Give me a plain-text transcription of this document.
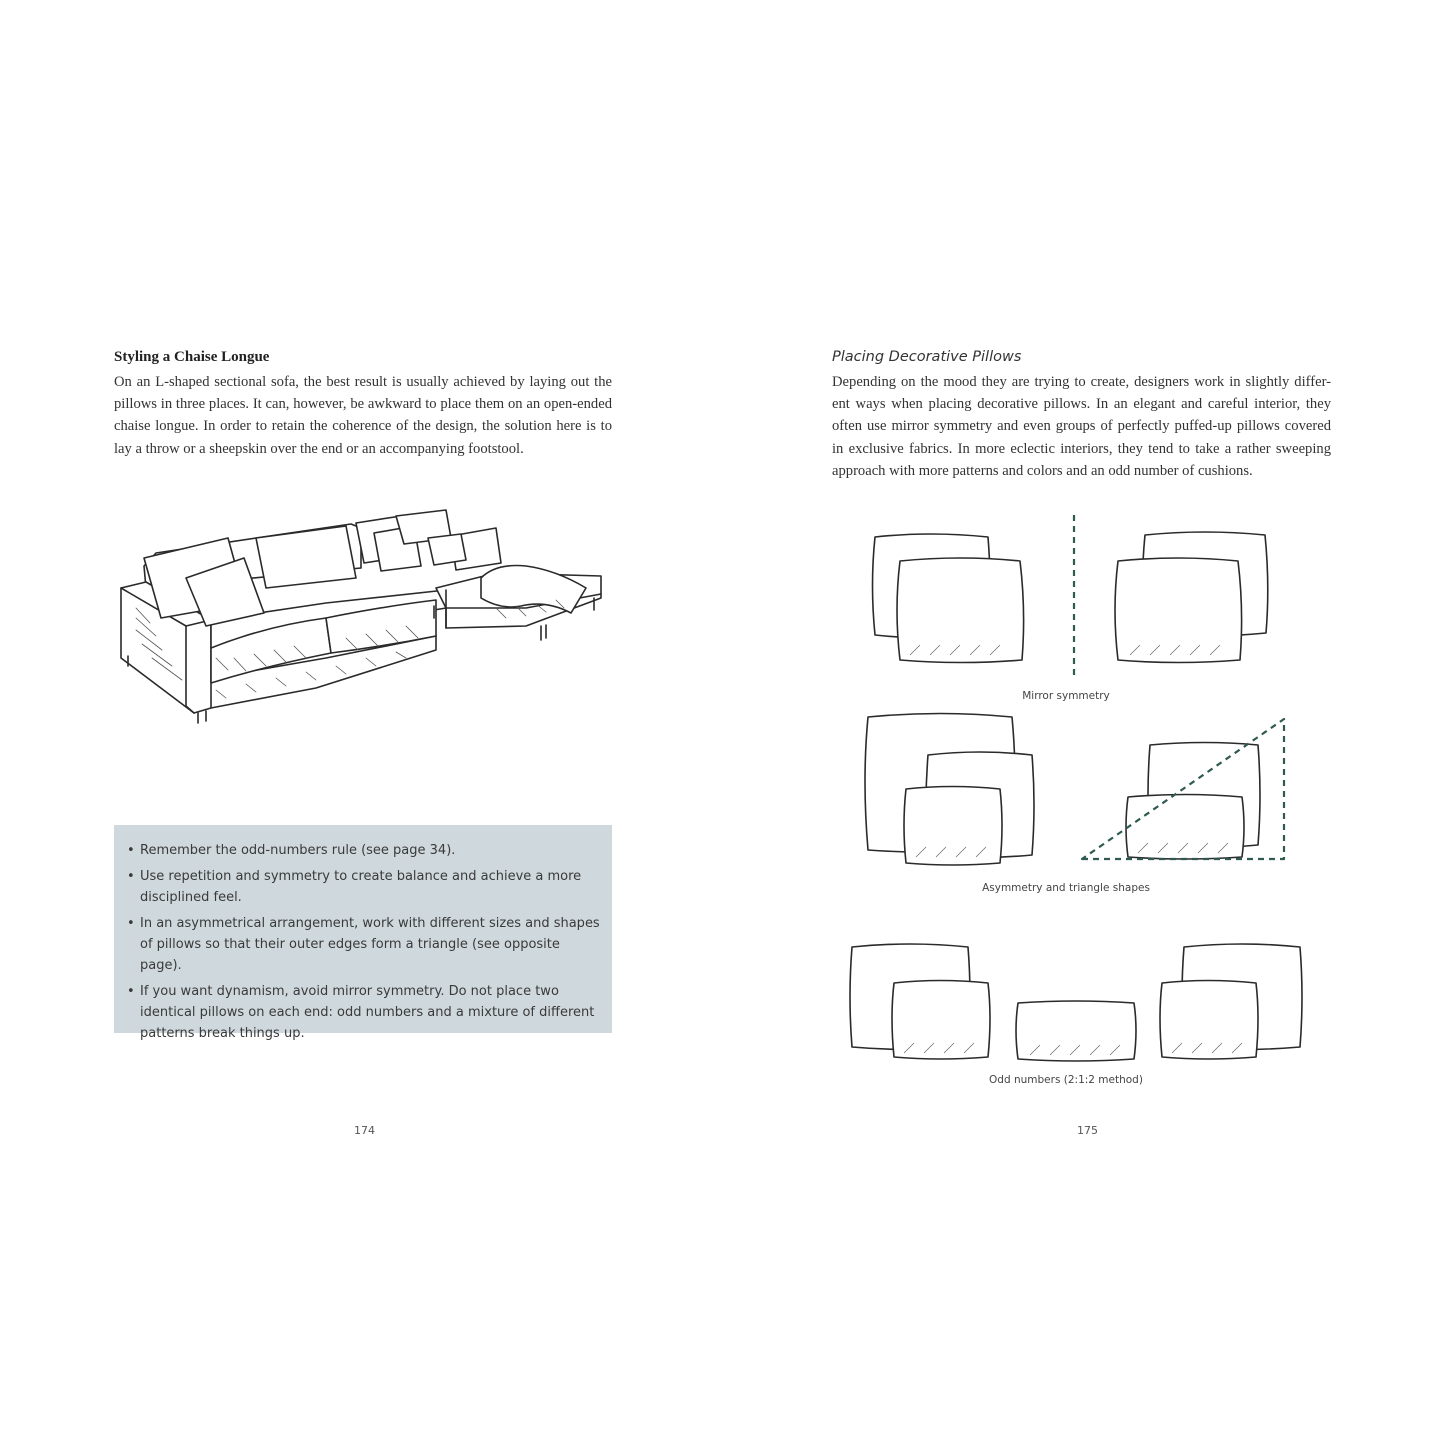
Styling a Chaise Longue
On an L-shaped sectional sofa, the best result is usually achieved by laying out the
pillows in three places. It can, however, be awkward to place them on an open-ended
chaise longue. In order to retain the coherence of the design, the solution here is to
lay a throw or a sheepskin over the end or an accompanying footstool.
• Remember the odd-numbers rule (see page 34).
• Use repetition and symmetry to create balance and achieve a more disciplined feel.
• In an asymmetrical arrangement, work with different sizes and shapes of pillows so that their outer edges form a triangle (see opposite page).
• If you want dynamism, avoid mirror symmetry. Do not place two identical pillows on each end: odd numbers and a mixture of different patterns break things up.
174
Placing Decorative Pillows
Depending on the mood they are trying to create, designers work in slightly differ-
ent ways when placing decorative pillows. In an elegant and careful interior, they
often use mirror symmetry and even groups of perfectly puffed-up pillows covered
in exclusive fabrics. In more eclectic interiors, they tend to take a rather sweeping
approach with more patterns and colors and an odd number of cushions.
Mirror symmetry
Asymmetry and triangle shapes
Odd numbers (2:1:2 method)
175
